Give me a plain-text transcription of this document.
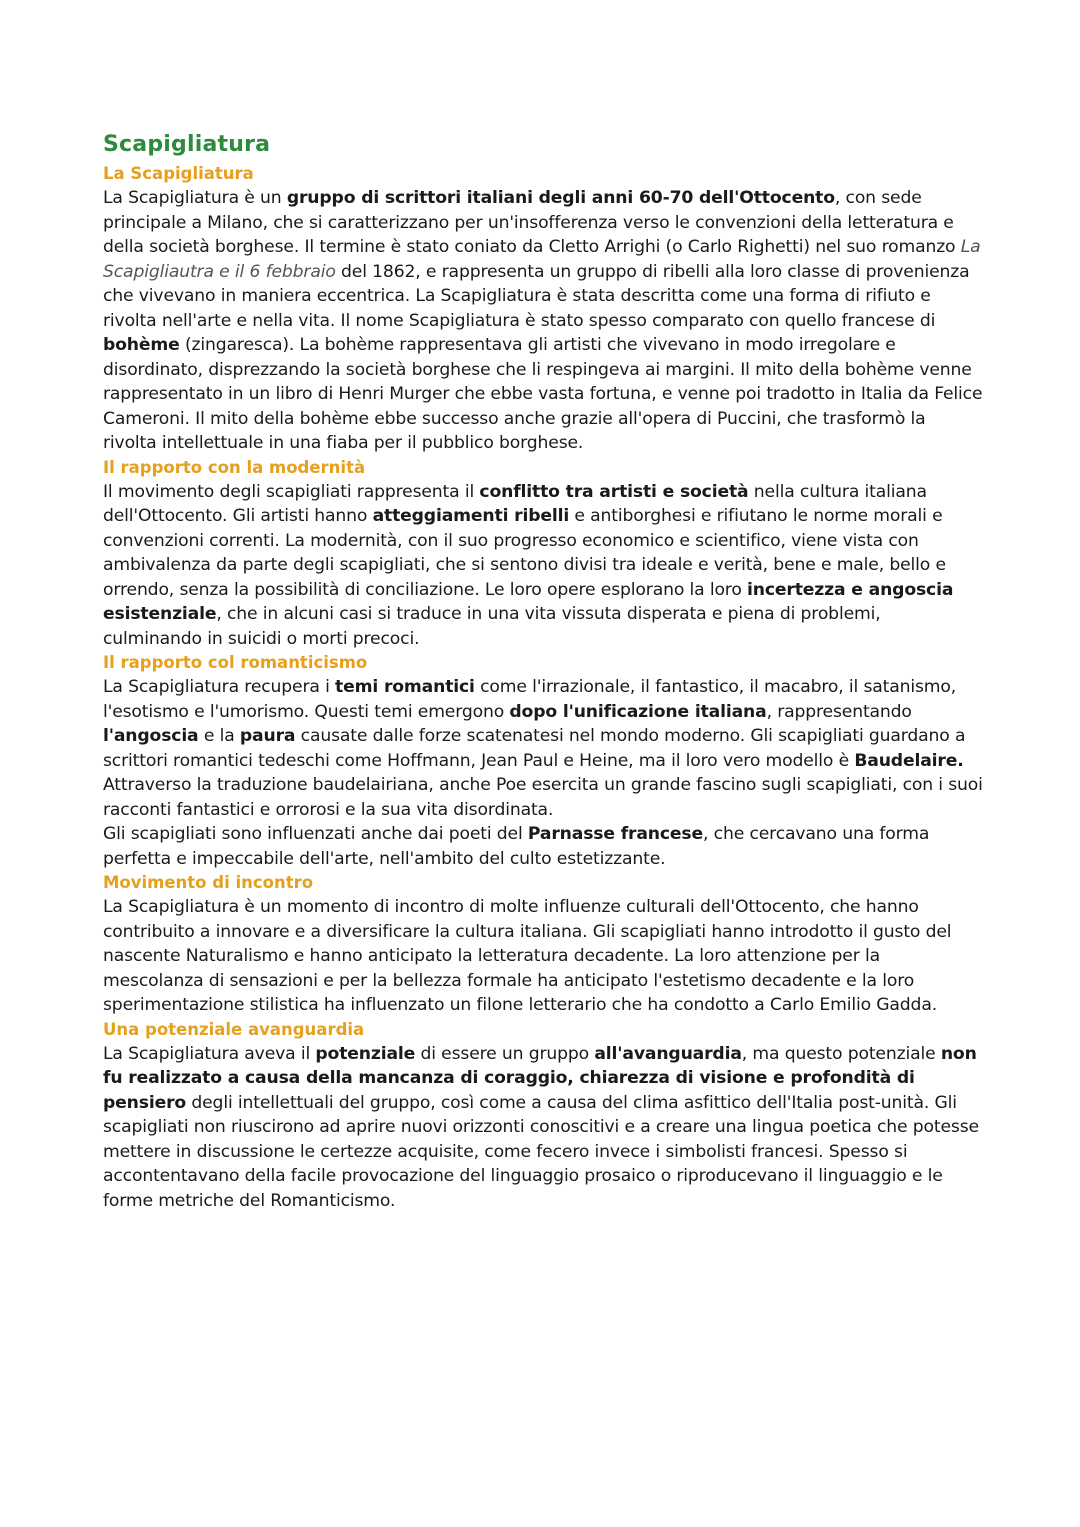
Scapigliatura
La Scapigliatura

La Scapigliatura è un gruppo di scrittori italiani degli anni 60-70 dell'Ottocento, con sede principale a Milano, che si caratterizzano per un'insofferenza verso le convenzioni della letteratura e della società borghese. Il termine è stato coniato da Cletto Arrighi (o Carlo Righetti) nel suo romanzo La Scapigliautra e il 6 febbraio del 1862, e rappresenta un gruppo di ribelli alla loro classe di provenienza che vivevano in maniera eccentrica. La Scapigliatura è stata descritta come una forma di rifiuto e rivolta nell'arte e nella vita. Il nome Scapigliatura è stato spesso comparato con quello francese di bohème (zingaresca). La bohème rappresentava gli artisti che vivevano in modo irregolare e disordinato, disprezzando la società borghese che li respingeva ai margini. Il mito della bohème venne rappresentato in un libro di Henri Murger che ebbe vasta fortuna, e venne poi tradotto in Italia da Felice Cameroni. Il mito della bohème ebbe successo anche grazie all'opera di Puccini, che trasformò la rivolta intellettuale in una fiaba per il pubblico borghese.

Il rapporto con la modernità

Il movimento degli scapigliati rappresenta il conflitto tra artisti e società nella cultura italiana dell'Ottocento. Gli artisti hanno atteggiamenti ribelli e antiborghesi e rifiutano le norme morali e convenzioni correnti. La modernità, con il suo progresso economico e scientifico, viene vista con ambivalenza da parte degli scapigliati, che si sentono divisi tra ideale e verità, bene e male, bello e orrendo, senza la possibilità di conciliazione. Le loro opere esplorano la loro incertezza e angoscia esistenziale, che in alcuni casi si traduce in una vita vissuta disperata e piena di problemi, culminando in suicidi o morti precoci.

Il rapporto col romanticismo

La Scapigliatura recupera i temi romantici come l'irrazionale, il fantastico, il macabro, il satanismo, l'esotismo e l'umorismo. Questi temi emergono dopo l'unificazione italiana, rappresentando l'angoscia e la paura causate dalle forze scatenatesi nel mondo moderno. Gli scapigliati guardano a scrittori romantici tedeschi come Hoffmann, Jean Paul e Heine, ma il loro vero modello è Baudelaire. Attraverso la traduzione baudelairiana, anche Poe esercita un grande fascino sugli scapigliati, con i suoi racconti fantastici e orrorosi e la sua vita disordinata.

Gli scapigliati sono influenzati anche dai poeti del Parnasse francese, che cercavano una forma perfetta e impeccabile dell'arte, nell'ambito del culto estetizzante.

Movimento di incontro

La Scapigliatura è un momento di incontro di molte influenze culturali dell'Ottocento, che hanno contribuito a innovare e a diversificare la cultura italiana. Gli scapigliati hanno introdotto il gusto del nascente Naturalismo e hanno anticipato la letteratura decadente. La loro attenzione per la mescolanza di sensazioni e per la bellezza formale ha anticipato l'estetismo decadente e la loro sperimentazione stilistica ha influenzato un filone letterario che ha condotto a Carlo Emilio Gadda.

Una potenziale avanguardia

La Scapigliatura aveva il potenziale di essere un gruppo all'avanguardia, ma questo potenziale non fu realizzato a causa della mancanza di coraggio, chiarezza di visione e profondità di pensiero degli intellettuali del gruppo, così come a causa del clima asfittico dell'Italia post-unità. Gli scapigliati non riuscirono ad aprire nuovi orizzonti conoscitivi e a creare una lingua poetica che potesse mettere in discussione le certezze acquisite, come fecero invece i simbolisti francesi. Spesso si accontentavano della facile provocazione del linguaggio prosaico o riproducevano il linguaggio e le forme metriche del Romanticismo.
